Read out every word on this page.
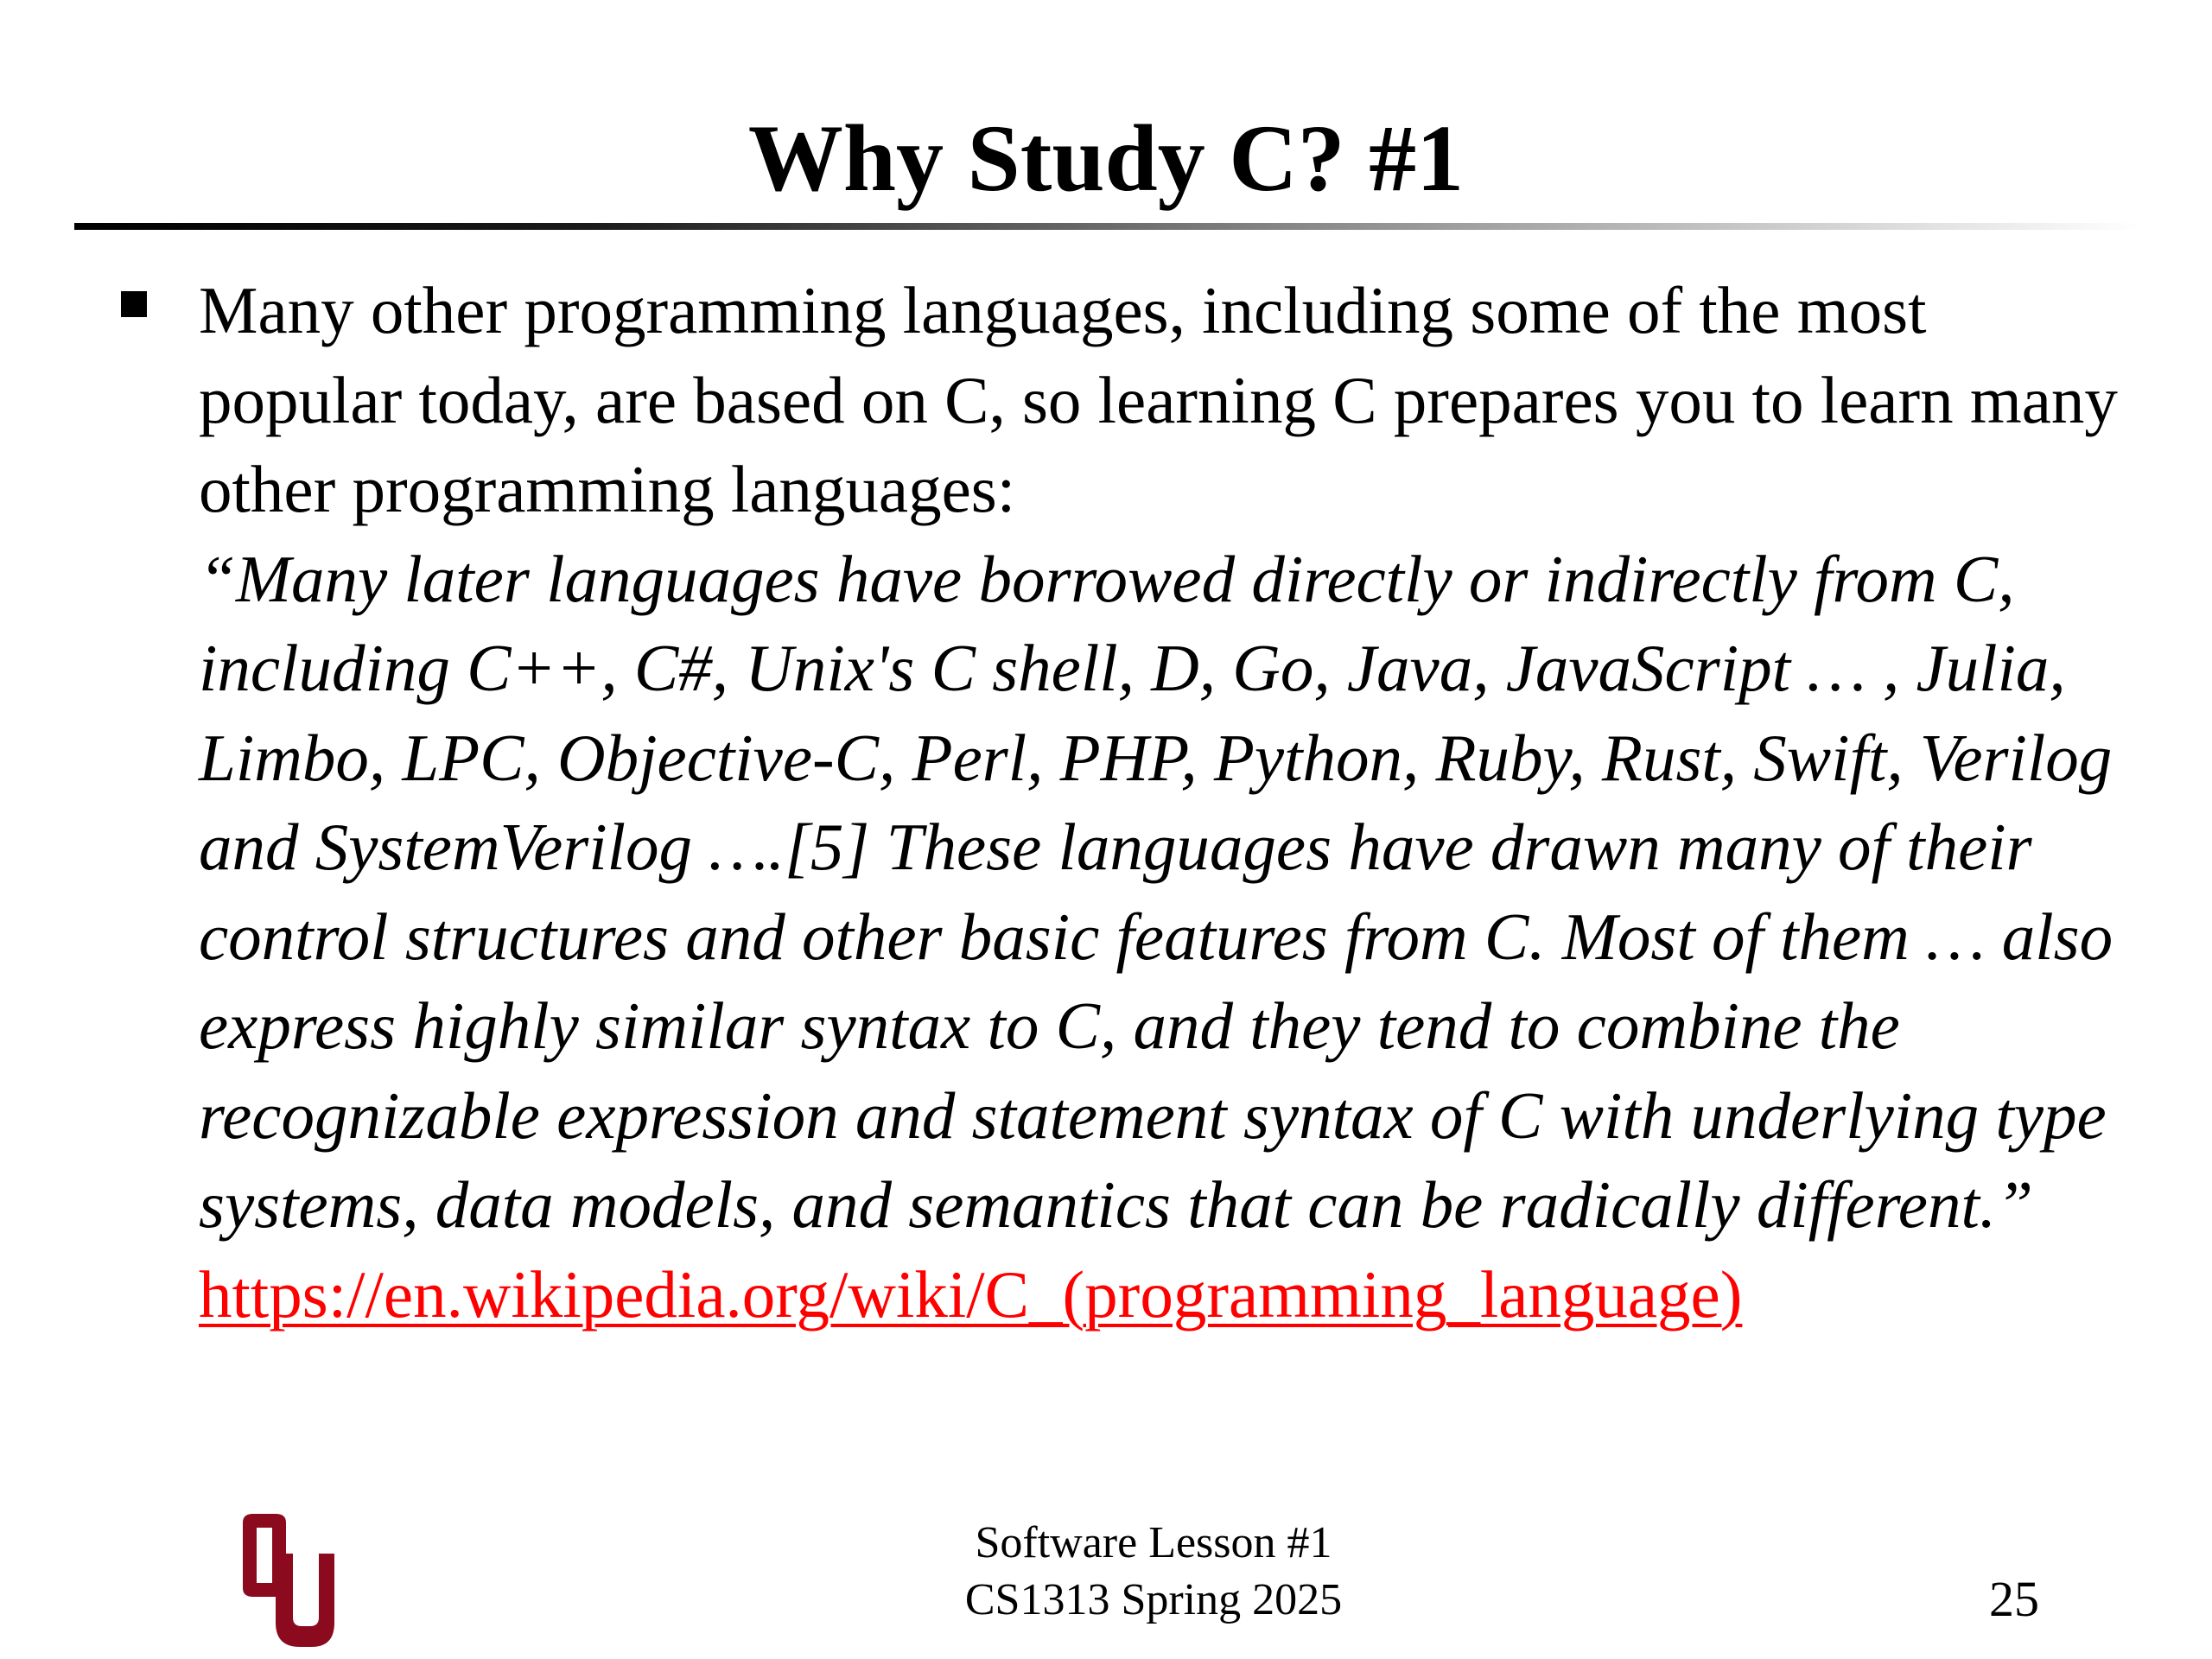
Why Study C? #1

Many other programming languages, including some of the most popular today, are based on C, so learning C prepares you to learn many other programming languages:

“Many later languages have borrowed directly or indirectly from C, including C++, C#, Unix's C shell, D, Go, Java, JavaScript … , Julia, Limbo, LPC, Objective-C, Perl, PHP, Python, Ruby, Rust, Swift, Verilog and SystemVerilog ….[5] These languages have drawn many of their control structures and other basic features from C. Most of them … also express highly similar syntax to C, and they tend to combine the recognizable expression and statement syntax of C with underlying type systems, data models, and semantics that can be radically different.”

https://en.wikipedia.org/wiki/C_(programming_language)

Software Lesson #1
CS1313 Spring 2025	25
